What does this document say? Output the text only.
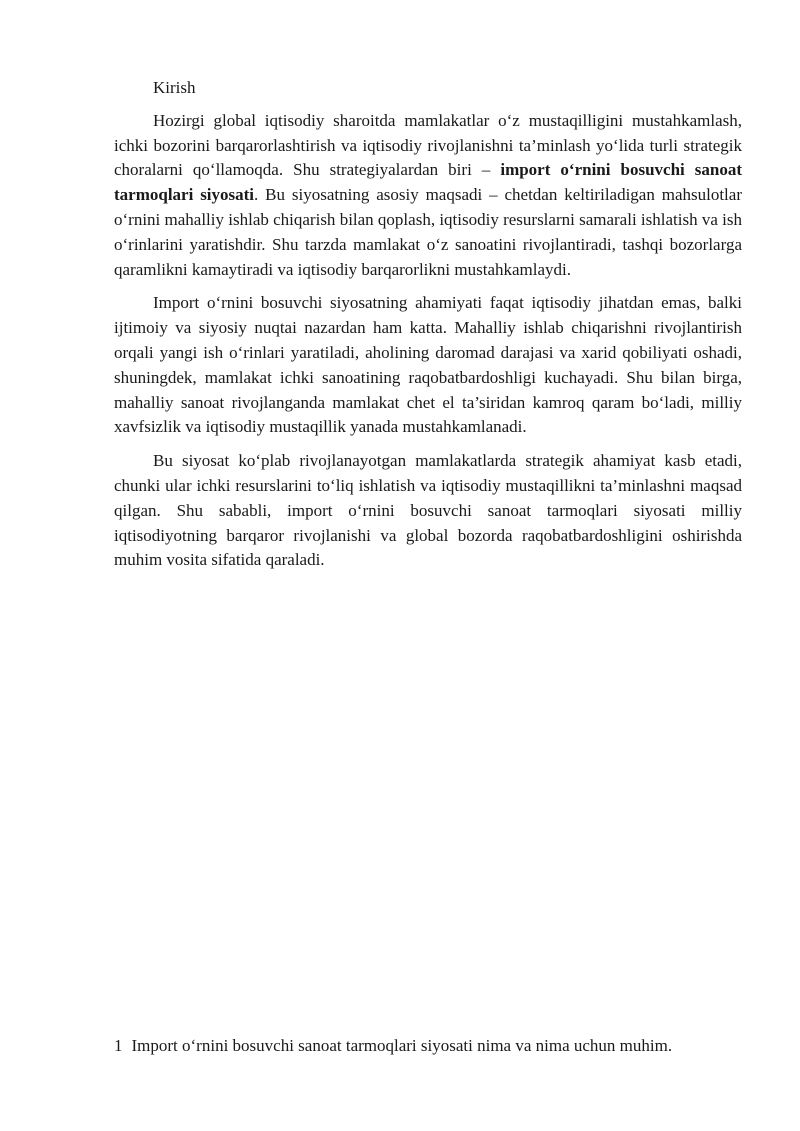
Kirish

Hozirgi global iqtisodiy sharoitda mamlakatlar o‘z mustaqilligini mustahkamlash, ichki bozorini barqarorlashtirish va iqtisodiy rivojlanishni ta’minlash yo‘lida turli strategik choralarni qo‘llamoqda. Shu strategiyalardan biri – import o‘rnini bosuvchi sanoat tarmoqlari siyosati. Bu siyosatning asosiy maqsadi – chetdan keltiriladigan mahsulotlar o‘rnini mahalliy ishlab chiqarish bilan qoplash, iqtisodiy resurslarni samarali ishlatish va ish o‘rinlarini yaratishdir. Shu tarzda mamlakat o‘z sanoatini rivojlantiradi, tashqi bozorlarga qaramlikni kamaytiradi va iqtisodiy barqarorlikni mustahkamlaydi.

Import o‘rnini bosuvchi siyosatning ahamiyati faqat iqtisodiy jihatdan emas, balki ijtimoiy va siyosiy nuqtai nazardan ham katta. Mahalliy ishlab chiqarishni rivojlantirish orqali yangi ish o‘rinlari yaratiladi, aholining daromad darajasi va xarid qobiliyati oshadi, shuningdek, mamlakat ichki sanoatining raqobatbardoshligi kuchayadi. Shu bilan birga, mahalliy sanoat rivojlanganda mamlakat chet el ta’siridan kamroq qaram bo‘ladi, milliy xavfsizlik va iqtisodiy mustaqillik yanada mustahkamlanadi.

Bu siyosat ko‘plab rivojlanayotgan mamlakatlarda strategik ahamiyat kasb etadi, chunki ular ichki resurslarini to‘liq ishlatish va iqtisodiy mustaqillikni ta’minlashni maqsad qilgan. Shu sababli, import o‘rnini bosuvchi sanoat tarmoqlari siyosati milliy iqtisodiyotning barqaror rivojlanishi va global bozorda raqobatbardoshligini oshirishda muhim vosita sifatida qaraladi.

1 Import o‘rnini bosuvchi sanoat tarmoqlari siyosati nima va nima uchun muhim.
